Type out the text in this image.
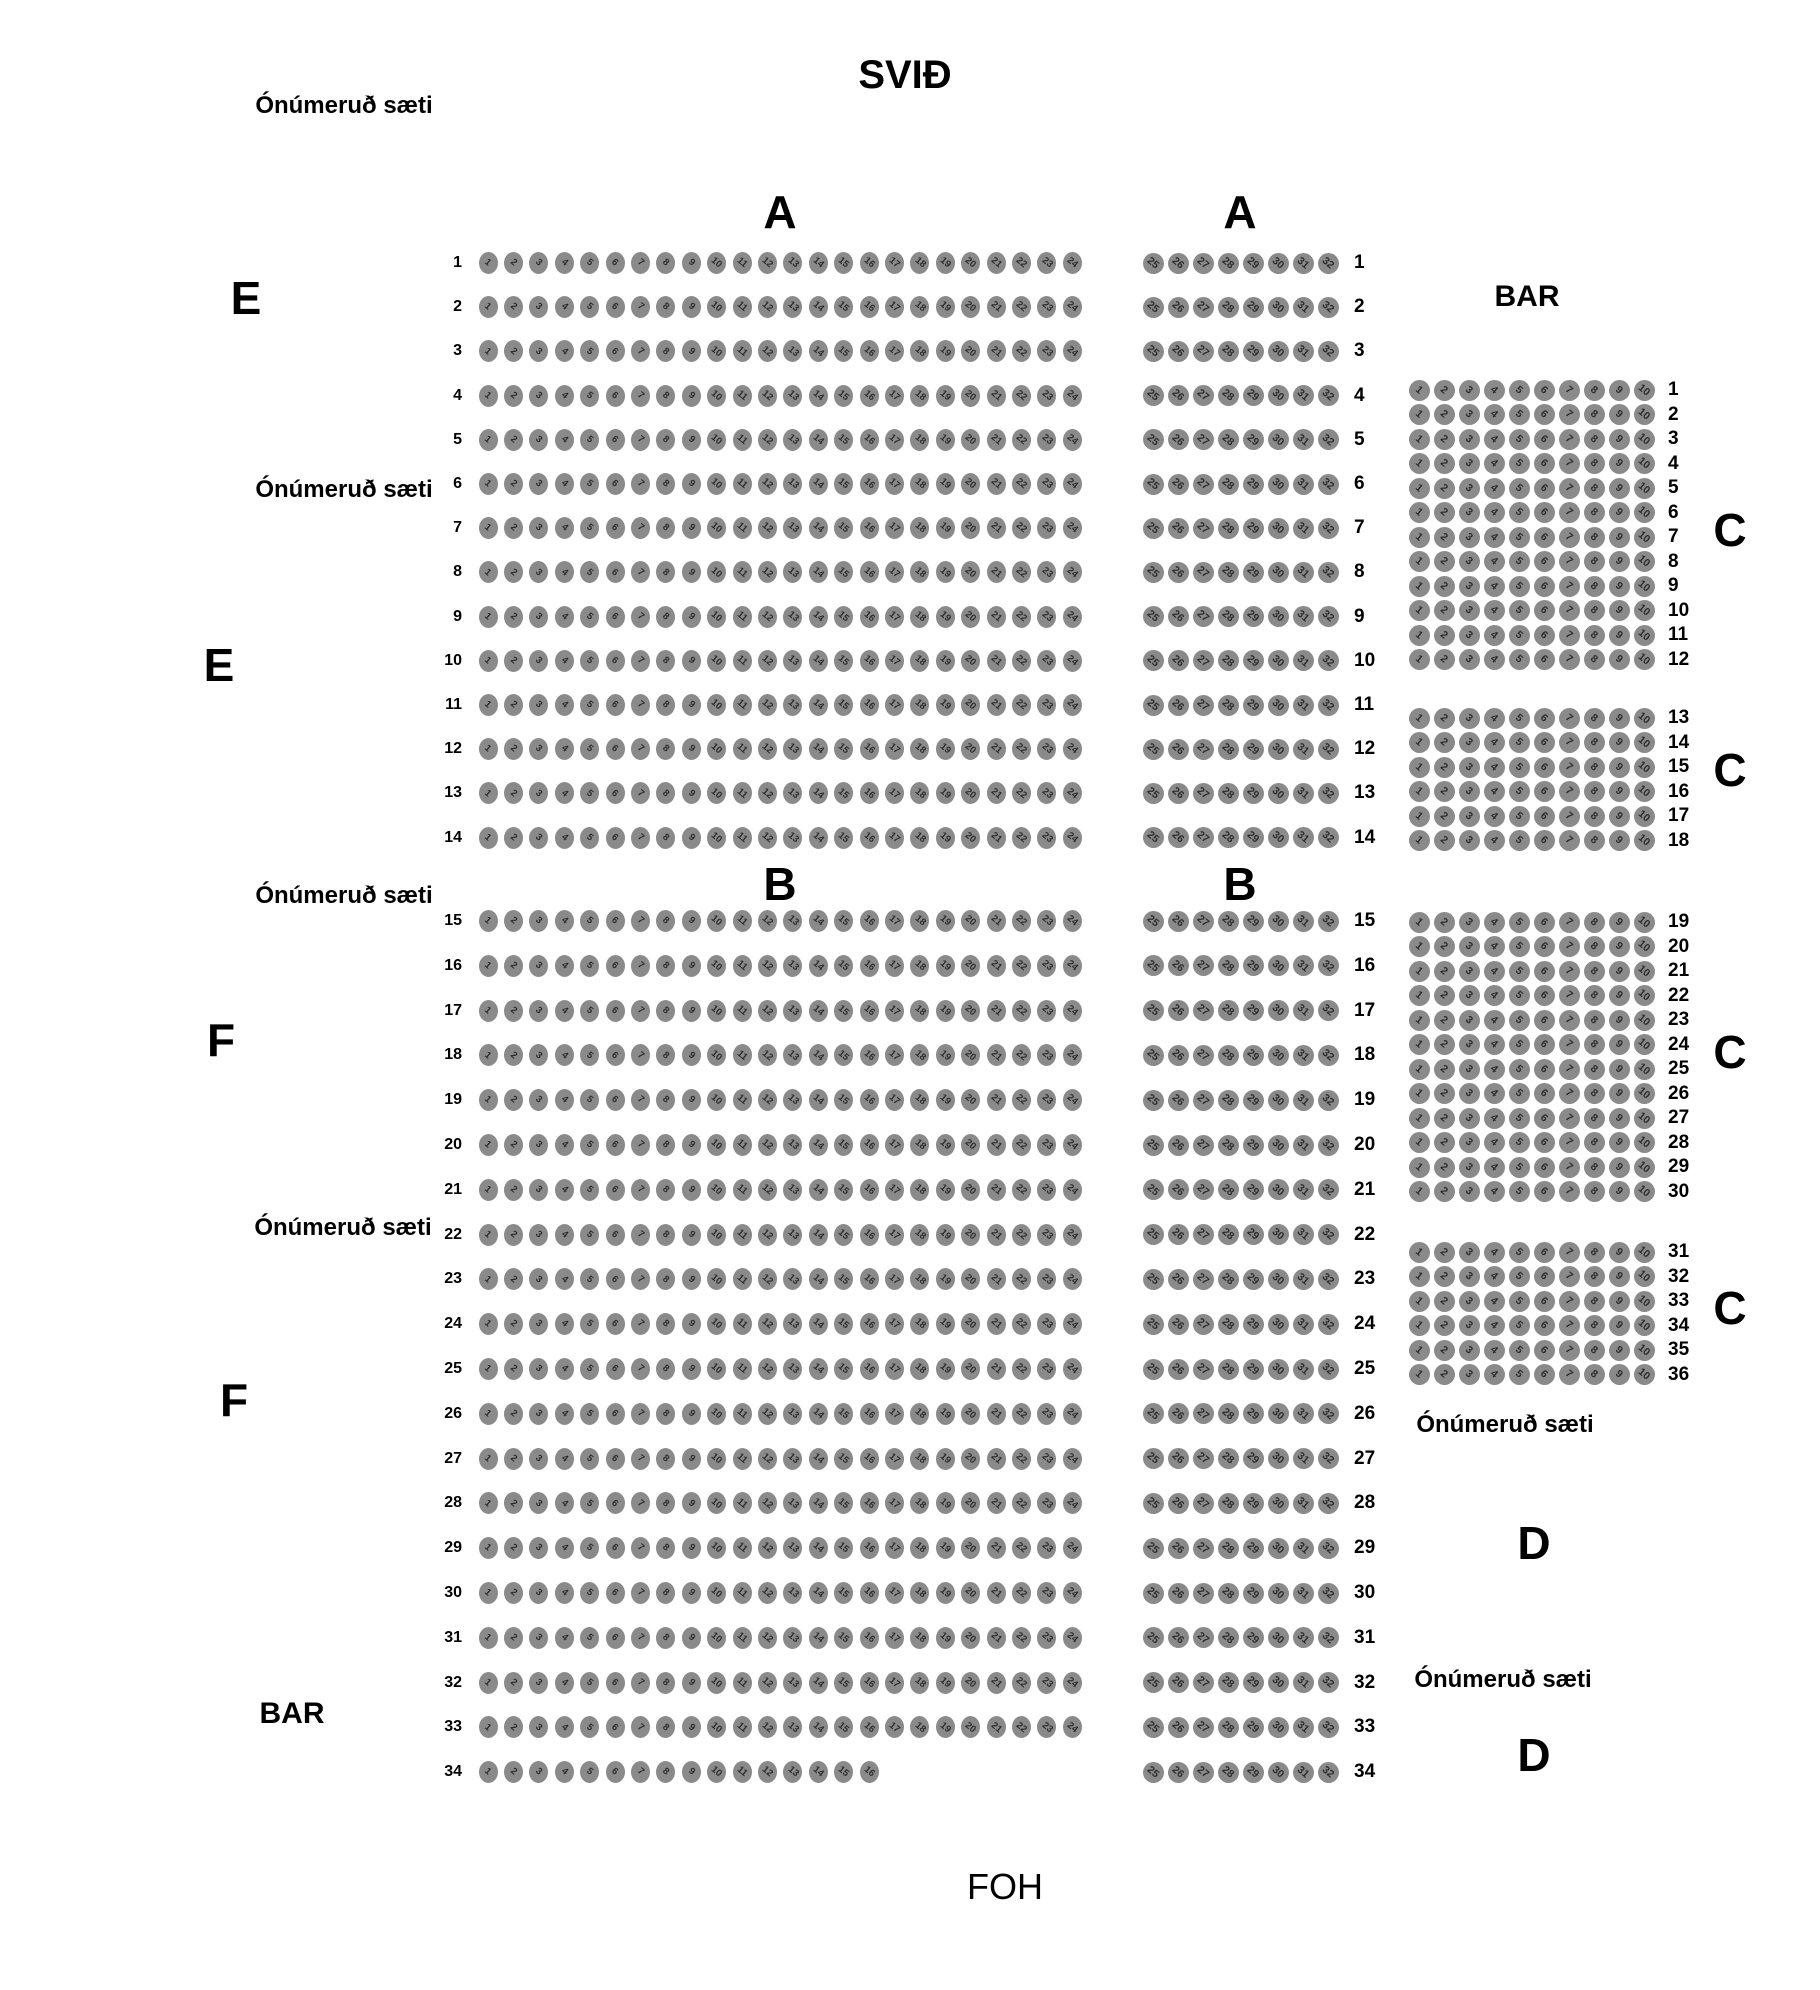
SVIÐ
Ónúmeruð sæti
A	A
E	BAR
Ónúmeruð sæti
E
B	B
Ónúmeruð sæti
F
Ónúmeruð sæti
F
C
C
C
C
Ónúmeruð sæti
D
Ónúmeruð sæti
D
BAR
FOH
1 1 2 3 4 5 6 7 8 9 10 11 12 13 14 15 16 17 18 19 20 21 22 23 24
2 1 2 3 4 5 6 7 8 9 10 11 12 13 14 15 16 17 18 19 20 21 22 23 24
3 1 2 3 4 5 6 7 8 9 10 11 12 13 14 15 16 17 18 19 20 21 22 23 24
4 1 2 3 4 5 6 7 8 9 10 11 12 13 14 15 16 17 18 19 20 21 22 23 24
5 1 2 3 4 5 6 7 8 9 10 11 12 13 14 15 16 17 18 19 20 21 22 23 24
6 1 2 3 4 5 6 7 8 9 10 11 12 13 14 15 16 17 18 19 20 21 22 23 24
7 1 2 3 4 5 6 7 8 9 10 11 12 13 14 15 16 17 18 19 20 21 22 23 24
8 1 2 3 4 5 6 7 8 9 10 11 12 13 14 15 16 17 18 19 20 21 22 23 24
9 1 2 3 4 5 6 7 8 9 10 11 12 13 14 15 16 17 18 19 20 21 22 23 24
10 1 2 3 4 5 6 7 8 9 10 11 12 13 14 15 16 17 18 19 20 21 22 23 24
11 1 2 3 4 5 6 7 8 9 10 11 12 13 14 15 16 17 18 19 20 21 22 23 24
12 1 2 3 4 5 6 7 8 9 10 11 12 13 14 15 16 17 18 19 20 21 22 23 24
13 1 2 3 4 5 6 7 8 9 10 11 12 13 14 15 16 17 18 19 20 21 22 23 24
14 1 2 3 4 5 6 7 8 9 10 11 12 13 14 15 16 17 18 19 20 21 22 23 24
15 1 2 3 4 5 6 7 8 9 10 11 12 13 14 15 16 17 18 19 20 21 22 23 24
16 1 2 3 4 5 6 7 8 9 10 11 12 13 14 15 16 17 18 19 20 21 22 23 24
17 1 2 3 4 5 6 7 8 9 10 11 12 13 14 15 16 17 18 19 20 21 22 23 24
18 1 2 3 4 5 6 7 8 9 10 11 12 13 14 15 16 17 18 19 20 21 22 23 24
19 1 2 3 4 5 6 7 8 9 10 11 12 13 14 15 16 17 18 19 20 21 22 23 24
20 1 2 3 4 5 6 7 8 9 10 11 12 13 14 15 16 17 18 19 20 21 22 23 24
21 1 2 3 4 5 6 7 8 9 10 11 12 13 14 15 16 17 18 19 20 21 22 23 24
22 1 2 3 4 5 6 7 8 9 10 11 12 13 14 15 16 17 18 19 20 21 22 23 24
23 1 2 3 4 5 6 7 8 9 10 11 12 13 14 15 16 17 18 19 20 21 22 23 24
24 1 2 3 4 5 6 7 8 9 10 11 12 13 14 15 16 17 18 19 20 21 22 23 24
25 1 2 3 4 5 6 7 8 9 10 11 12 13 14 15 16 17 18 19 20 21 22 23 24
26 1 2 3 4 5 6 7 8 9 10 11 12 13 14 15 16 17 18 19 20 21 22 23 24
27 1 2 3 4 5 6 7 8 9 10 11 12 13 14 15 16 17 18 19 20 21 22 23 24
28 1 2 3 4 5 6 7 8 9 10 11 12 13 14 15 16 17 18 19 20 21 22 23 24
29 1 2 3 4 5 6 7 8 9 10 11 12 13 14 15 16 17 18 19 20 21 22 23 24
30 1 2 3 4 5 6 7 8 9 10 11 12 13 14 15 16 17 18 19 20 21 22 23 24
31 1 2 3 4 5 6 7 8 9 10 11 12 13 14 15 16 17 18 19 20 21 22 23 24
32 1 2 3 4 5 6 7 8 9 10 11 12 13 14 15 16 17 18 19 20 21 22 23 24
33 1 2 3 4 5 6 7 8 9 10 11 12 13 14 15 16 17 18 19 20 21 22 23 24
34 1 2 3 4 5 6 7 8 9 10 11 12 13 14 15 16
1
25 26 27 28 29 30 31 32
2
25 26 27 28 29 30 31 32
3
25 26 27 28 29 30 31 32
4
25 26 27 28 29 30 31 32
5
25 26 27 28 29 30 31 32
6
25 26 27 28 29 30 31 32
7
25 26 27 28 29 30 31 32
8
25 26 27 28 29 30 31 32
9
25 26 27 28 29 30 31 32
10
25 26 27 28 29 30 31 32
11
25 26 27 28 29 30 31 32
12
25 26 27 28 29 30 31 32
13
25 26 27 28 29 30 31 32
14
25 26 27 28 29 30 31 32
15
25 26 27 28 29 30 31 32
16
25 26 27 28 29 30 31 32
17
25 26 27 28 29 30 31 32
18
25 26 27 28 29 30 31 32
19
25 26 27 28 29 30 31 32
20
25 26 27 28 29 30 31 32
21
25 26 27 28 29 30 31 32
22
25 26 27 28 29 30 31 32
23
25 26 27 28 29 30 31 32
24
25 26 27 28 29 30 31 32
25
25 26 27 28 29 30 31 32
26
25 26 27 28 29 30 31 32
27
25 26 27 28 29 30 31 32
28
25 26 27 28 29 30 31 32
29
25 26 27 28 29 30 31 32
30
25 26 27 28 29 30 31 32
31
25 26 27 28 29 30 31 32
32
25 26 27 28 29 30 31 32
33
25 26 27 28 29 30 31 32
34
25 26 27 28 29 30 31 32
1
1 2 3 4 5 6 7 8 9 10
2
1 2 3 4 5 6 7 8 9 10
3
1 2 3 4 5 6 7 8 9 10
4
1 2 3 4 5 6 7 8 9 10
5
1 2 3 4 5 6 7 8 9 10
6
1 2 3 4 5 6 7 8 9 10
7
1 2 3 4 5 6 7 8 9 10
8
1 2 3 4 5 6 7 8 9 10
9
1 2 3 4 5 6 7 8 9 10
10
1 2 3 4 5 6 7 8 9 10
11
1 2 3 4 5 6 7 8 9 10
12
1 2 3 4 5 6 7 8 9 10
13
1 2 3 4 5 6 7 8 9 10
14
1 2 3 4 5 6 7 8 9 10
15
1 2 3 4 5 6 7 8 9 10
16
1 2 3 4 5 6 7 8 9 10
17
1 2 3 4 5 6 7 8 9 10
18
1 2 3 4 5 6 7 8 9 10
19
1 2 3 4 5 6 7 8 9 10
20
1 2 3 4 5 6 7 8 9 10
21
1 2 3 4 5 6 7 8 9 10
22
1 2 3 4 5 6 7 8 9 10
23
1 2 3 4 5 6 7 8 9 10
24
1 2 3 4 5 6 7 8 9 10
25
1 2 3 4 5 6 7 8 9 10
26
1 2 3 4 5 6 7 8 9 10
27
1 2 3 4 5 6 7 8 9 10
28
1 2 3 4 5 6 7 8 9 10
29
1 2 3 4 5 6 7 8 9 10
30
1 2 3 4 5 6 7 8 9 10
31
1 2 3 4 5 6 7 8 9 10
32
1 2 3 4 5 6 7 8 9 10
33
1 2 3 4 5 6 7 8 9 10
34
1 2 3 4 5 6 7 8 9 10
35
1 2 3 4 5 6 7 8 9 10
36
1 2 3 4 5 6 7 8 9 10
